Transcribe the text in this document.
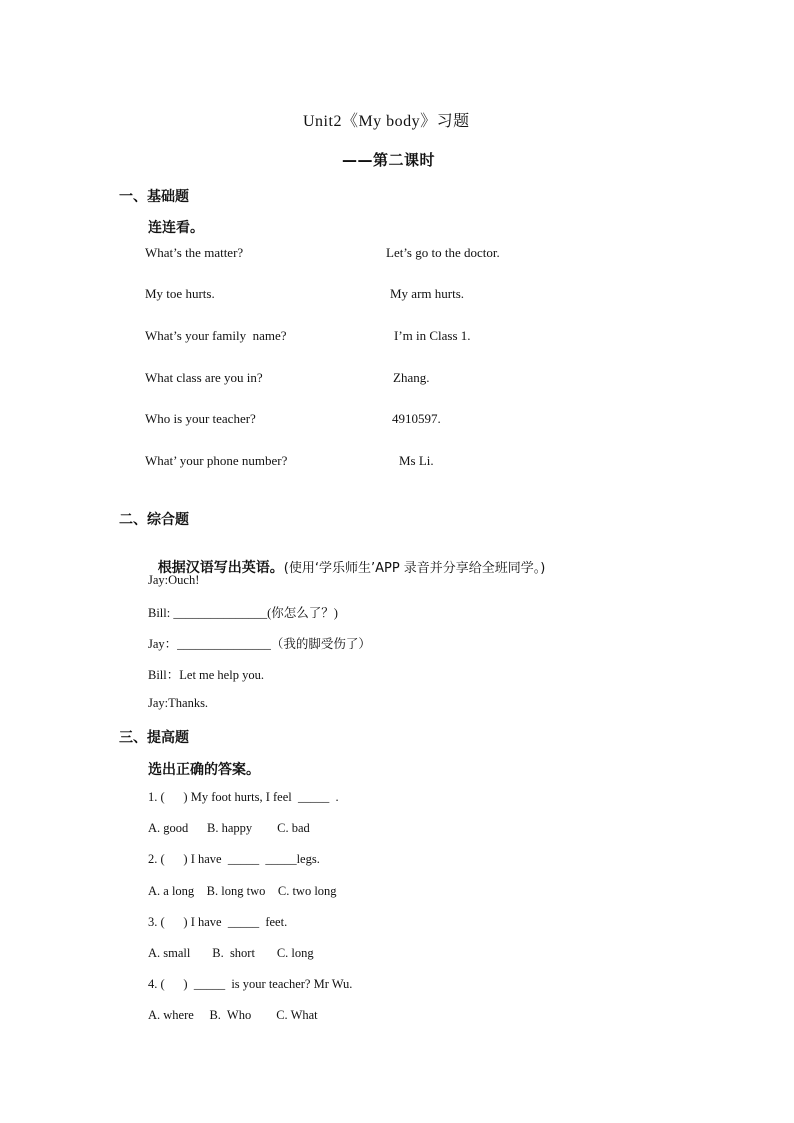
Unit2《My body》习题
——第二课时
一、基础题
连连看。
What’s the matter?
My toe hurts.
What’s your family  name?
What class are you in?
Who is your teacher?
What’ your phone number?
Let’s go to the doctor.
My arm hurts.
I’m in Class 1.
Zhang.
4910597.
Ms Li.
二、综合题

根据汉语写出英语。(使用‘学乐师生’APP 录音并分享给全班同学。)

Jay:Ouch!
Bill: _______________(你怎么了？)
Jay：_______________（我的脚受伤了）
Bill：Let me help you.
Jay:Thanks.
三、提高题
选出正确的答案。
1. (      ) My foot hurts, I feel  _____  .
A. good      B. happy        C. bad
2. (      ) I have  _____  _____legs.
A. a long    B. long two    C. two long
3. (      ) I have  _____  feet.
A. small       B.  short       C. long
4. (      )  _____  is your teacher? Mr Wu.
A. where     B.  Who        C. What
